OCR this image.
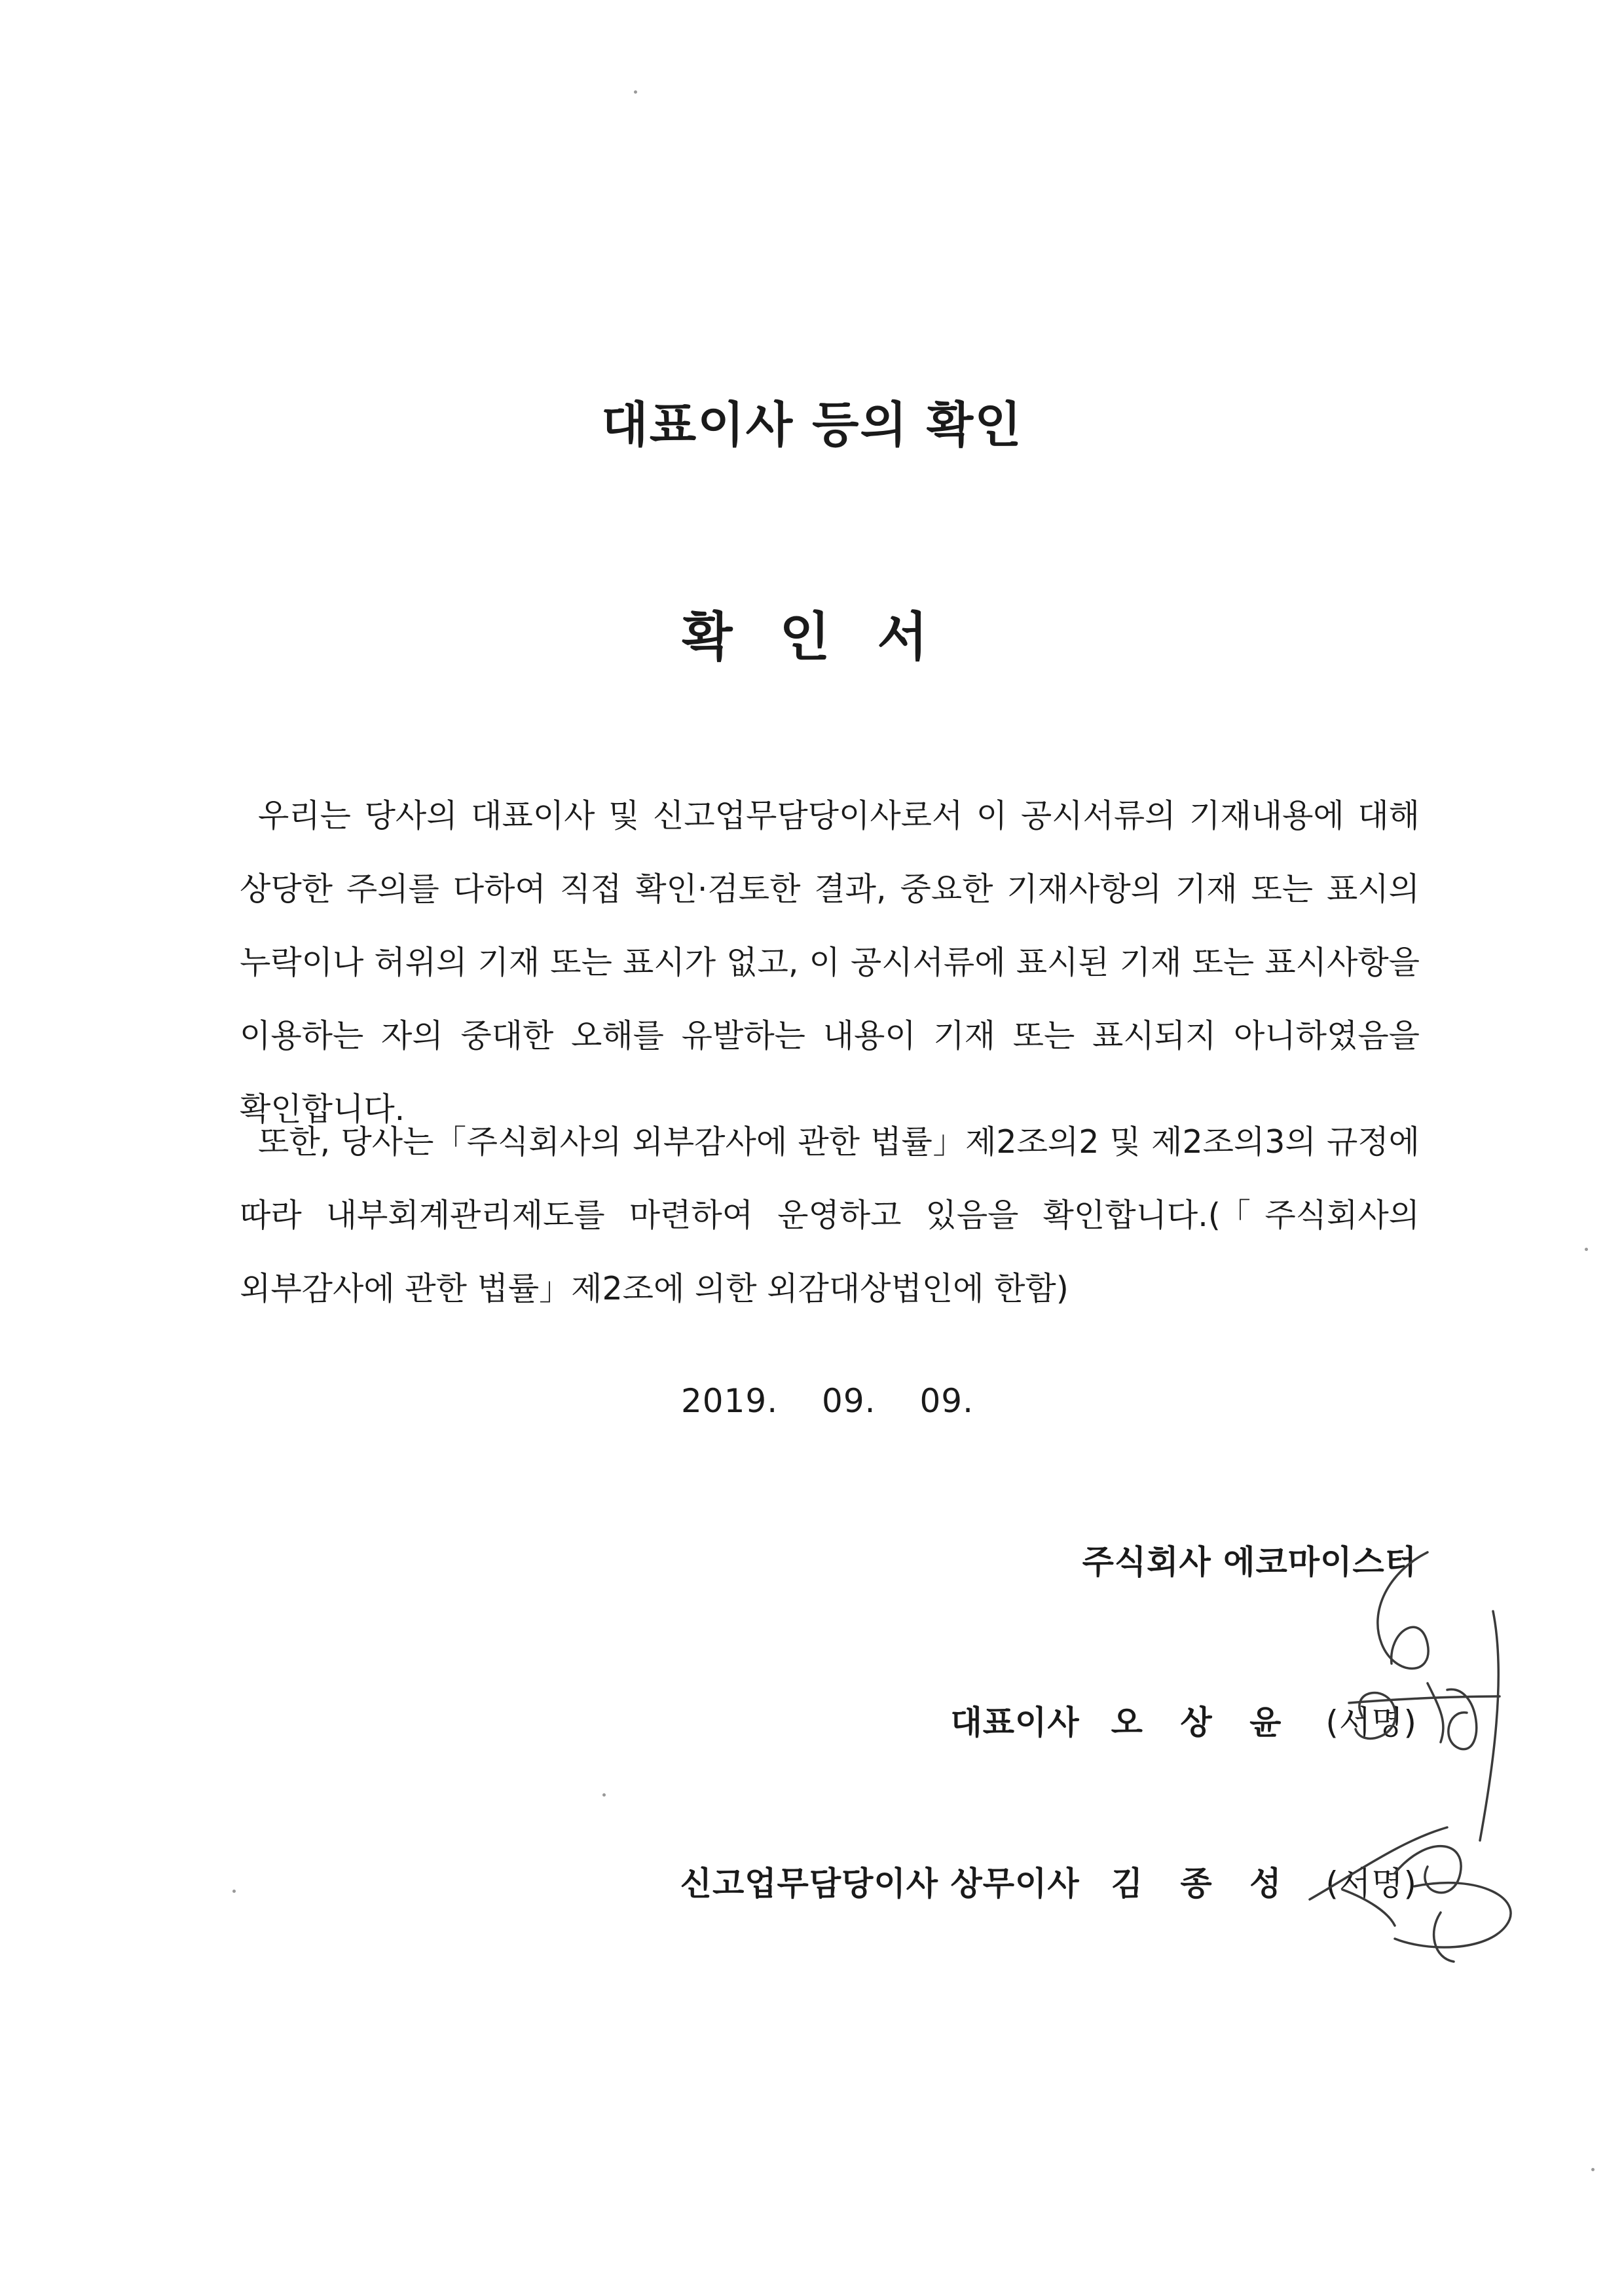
대표이사 등의 확인
확 인 서

우리는 당사의 대표이사 및 신고업무담당이사로서 이 공시서류의 기재내용에 대해 상당한 주의를 다하여 직접 확인·검토한 결과, 중요한 기재사항의 기재 또는 표시의 누락이나 허위의 기재 또는 표시가 없고, 이 공시서류에 표시된 기재 또는 표시사항을 이용하는 자의 중대한 오해를 유발하는 내용이 기재 또는 표시되지 아니하였음을 확인합니다.

또한, 당사는「주식회사의 외부감사에 관한 법률」제2조의2 및 제2조의3의 규정에 따라 내부회계관리제도를 마련하여 운영하고 있음을 확인합니다.(「주식회사의 외부감사에 관한 법률」제2조에 의한 외감대상법인에 한함)

2019. 09. 09.
주식회사 에코마이스터
대표이사 오 상 윤 (서명)
신고업무담당이사 상무이사 김 종 성 (서명)
